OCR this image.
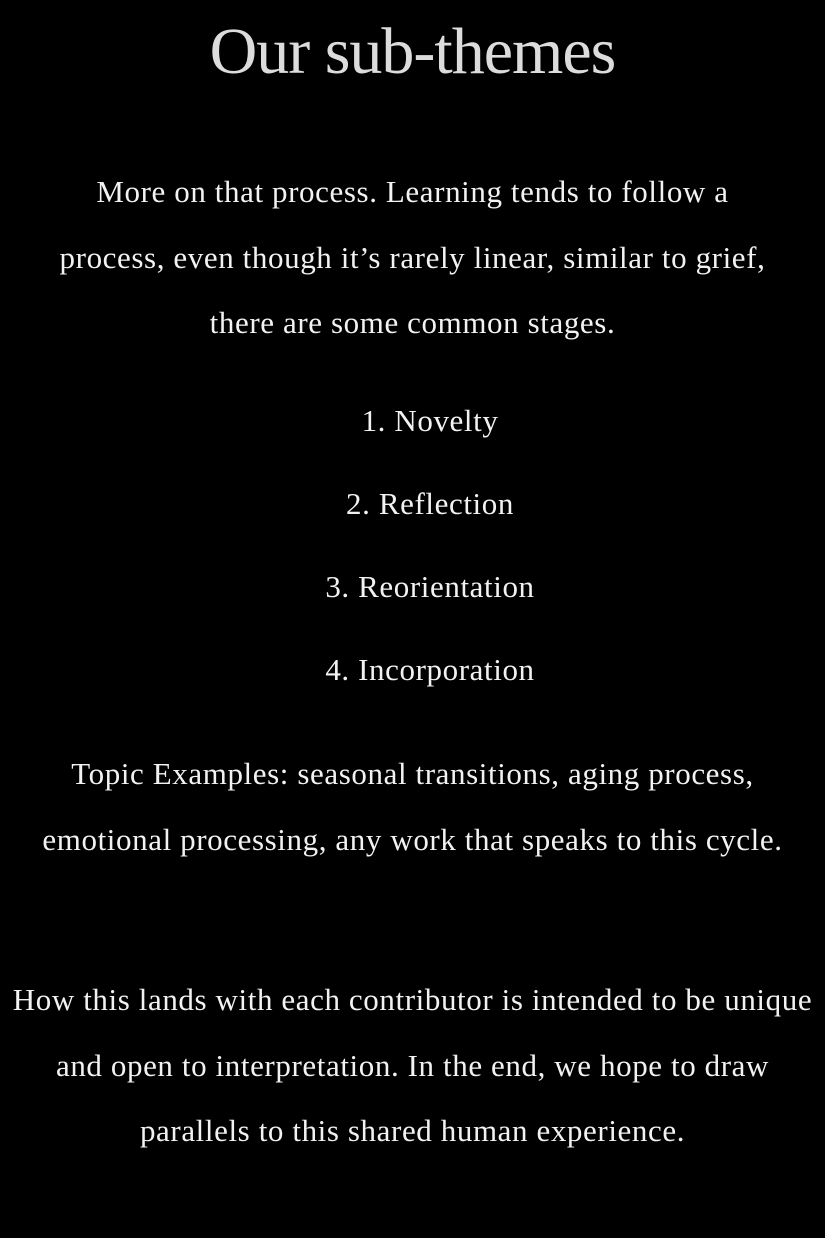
Our sub-themes
More on that process. Learning tends to follow a process, even though it’s rarely linear, similar to grief, there are some common stages.
1. Novelty
2. Reflection
3. Reorientation
4. Incorporation
Topic Examples: seasonal transitions, aging process, emotional processing, any work that speaks to this cycle.
How this lands with each contributor is intended to be unique and open to interpretation. In the end, we hope to draw parallels to this shared human experience.
